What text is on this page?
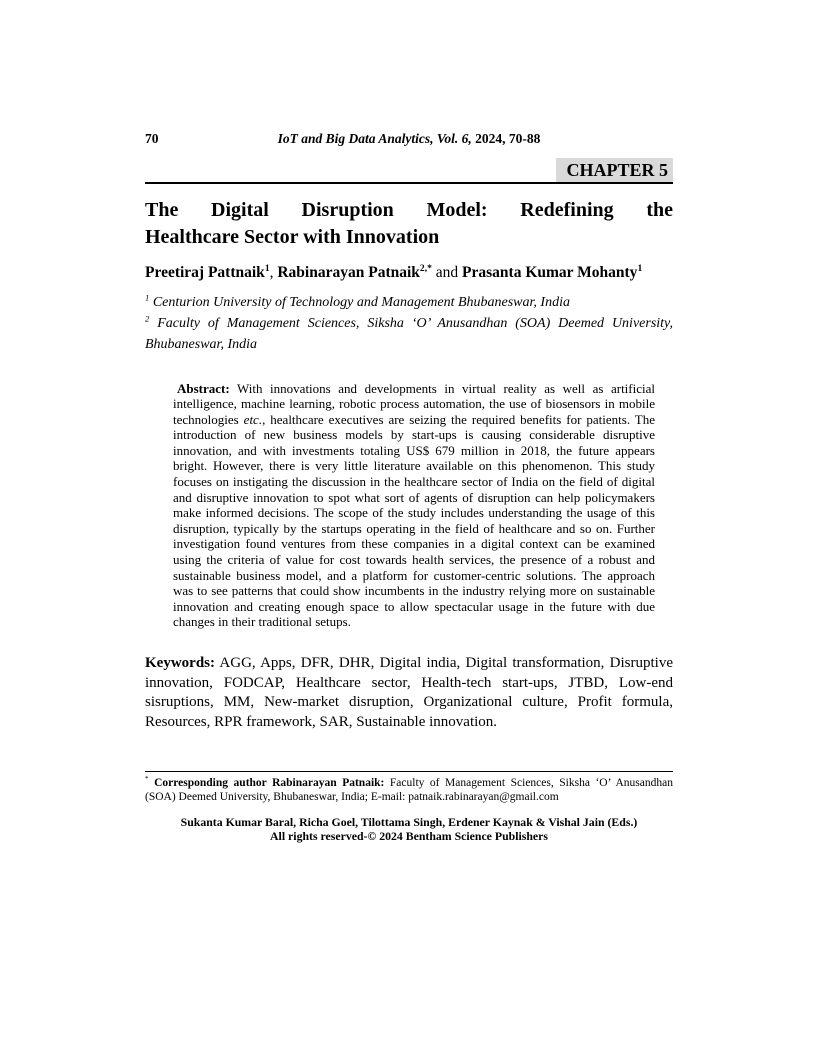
70	IoT and Big Data Analytics, Vol. 6, 2024, 70-88
CHAPTER 5
The Digital Disruption Model: Redefining the
Healthcare Sector with Innovation

Preetiraj Pattnaik$^1$, Rabinarayan Patnaik$^{2,*}$ and Prasanta Kumar Mohanty$^1$

$^1$ Centurion University of Technology and Management Bhubaneswar, India

$^2$ Faculty of Management Sciences, Siksha ‘O’ Anusandhan (SOA) Deemed University, Bhubaneswar, India

Abstract: With innovations and developments in virtual reality as well as artificial intelligence, machine learning, robotic process automation, the use of biosensors in mobile technologies etc., healthcare executives are seizing the required benefits for patients. The introduction of new business models by start-ups is causing considerable disruptive innovation, and with investments totaling US$ 679 million in 2018, the future appears bright. However, there is very little literature available on this phenomenon. This study focuses on instigating the discussion in the healthcare sector of India on the field of digital and disruptive innovation to spot what sort of agents of disruption can help policymakers make informed decisions. The scope of the study includes understanding the usage of this disruption, typically by the startups operating in the field of healthcare and so on. Further investigation found ventures from these companies in a digital context can be examined using the criteria of value for cost towards health services, the presence of a robust and sustainable business model, and a platform for customer-centric solutions. The approach was to see patterns that could show incumbents in the industry relying more on sustainable innovation and creating enough space to allow spectacular usage in the future with due changes in their traditional setups.
Keywords: AGG, Apps, DFR, DHR, Digital india, Digital transformation, Disruptive innovation, FODCAP, Healthcare sector, Health-tech start-ups, JTBD, Low-end sisruptions, MM, New-market disruption, Organizational culture, Profit formula, Resources, RPR framework, SAR, Sustainable innovation.

* Corresponding author Rabinarayan Patnaik: Faculty of Management Sciences, Siksha ‘O’ Anusandhan (SOA) Deemed University, Bhubaneswar, India; E-mail: patnaik.rabinarayan@gmail.com

Sukanta Kumar Baral, Richa Goel, Tilottama Singh, Erdener Kaynak & Vishal Jain (Eds.)

All rights reserved-© 2024 Bentham Science Publishers
